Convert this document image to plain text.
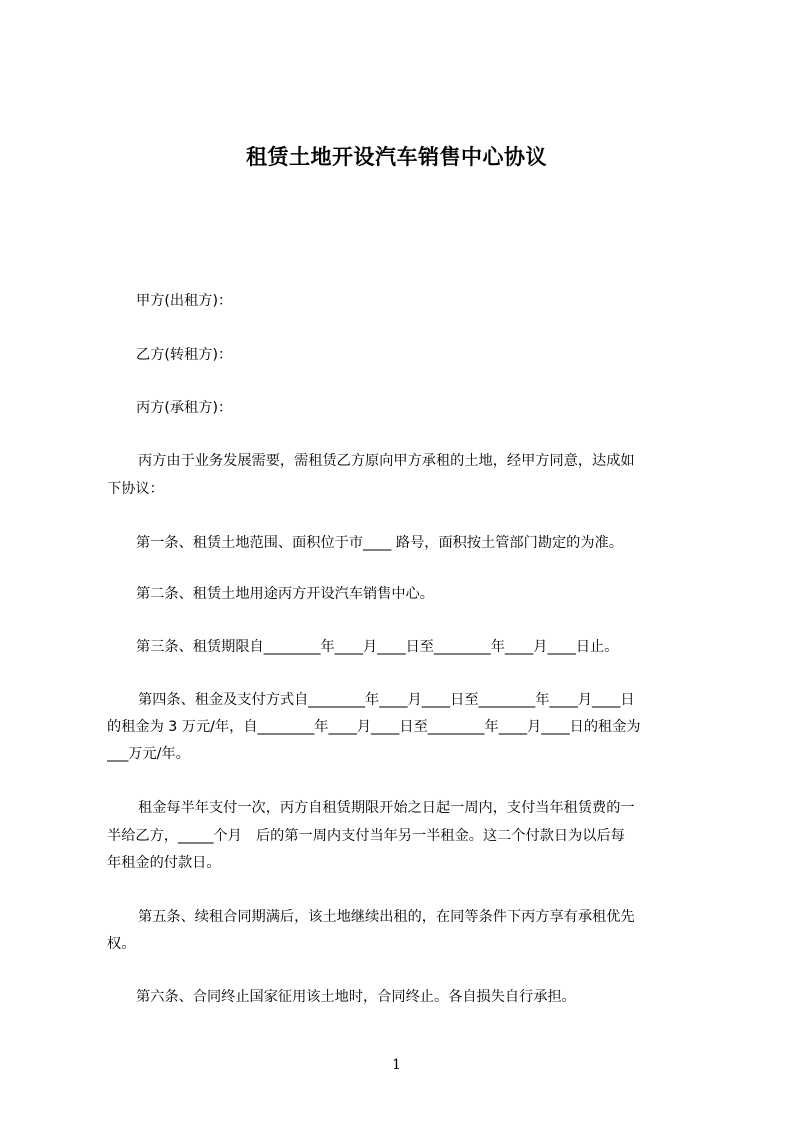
租赁土地开设汽车销售中心协议
甲方(出租方)：
乙方(转租方)：
丙方(承租方)：
丙方由于业务发展需要，需租赁乙方原向甲方承租的土地，经甲方同意，达成如
下协议：
第一条、租赁土地范围、面积位于市____ 路号，面积按土管部门勘定的为准。
第二条、租赁土地用途丙方开设汽车销售中心。
第三条、租赁期限自________年____月____日至________年____月____日止。
第四条、租金及支付方式自________年____月____日至________年____月____日
的租金为 3 万元/年，自________年____月____日至________年____月____日的租金为
___万元/年。
租金每半年支付一次，丙方自租赁期限开始之日起一周内，支付当年租赁费的一
半给乙方，_____个月　后的第一周内支付当年另一半租金。这二个付款日为以后每
年租金的付款日。
第五条、续租合同期满后，该土地继续出租的，在同等条件下丙方享有承租优先
权。
第六条、合同终止国家征用该土地时，合同终止。各自损失自行承担。
1
